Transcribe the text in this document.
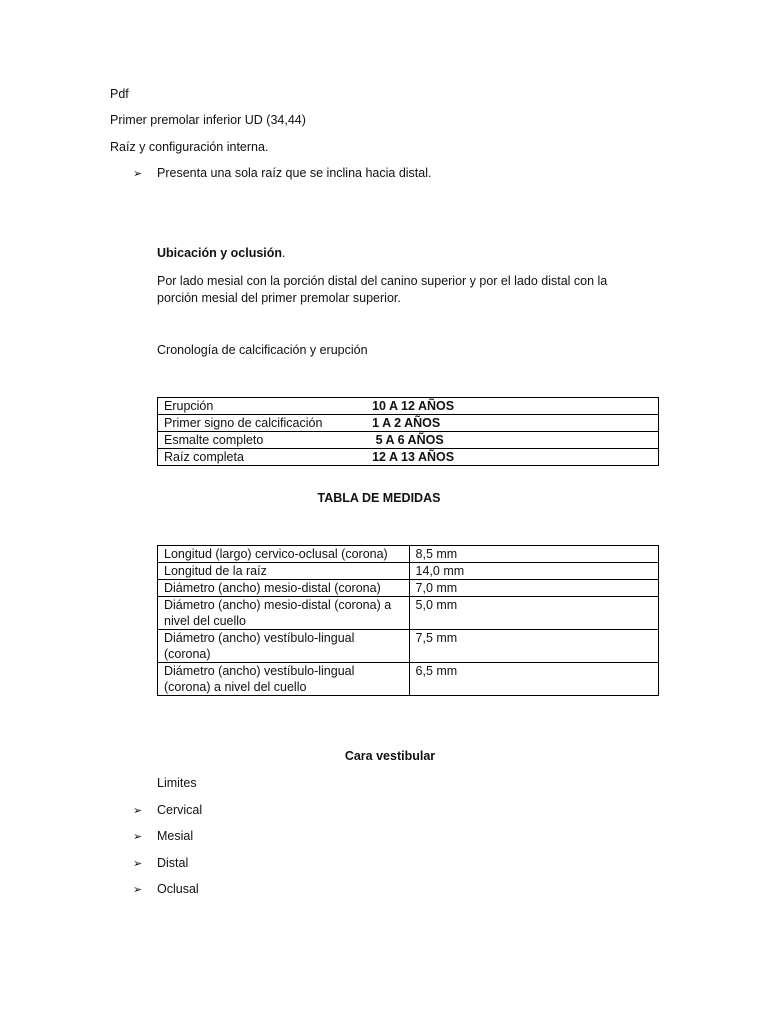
Pdf
Primer premolar inferior UD (34,44)
Raíz y configuración interna.
➢ Presenta una sola raíz que se inclina hacia distal.
Ubicación y oclusión.
Por lado mesial con la porción distal del canino superior y por el lado distal con la porción mesial del primer premolar superior.
Cronología de calcificación y erupción
Erupción	10 A 12 AÑOS
Primer signo de calcificación	1 A 2 AÑOS
Esmalte completo	5 A 6 AÑOS
Raíz completa	12 A 13 AÑOS
TABLA DE MEDIDAS
Longitud (largo) cervico-oclusal (corona)	8,5 mm
Longitud de la raíz	14,0 mm
Diámetro (ancho) mesio-distal (corona)	7,0 mm
Diámetro (ancho) mesio-distal (corona) a nivel del cuello	5,0 mm
Diámetro (ancho) vestíbulo-lingual (corona)	7,5 mm
Diámetro (ancho) vestíbulo-lingual (corona) a nivel del cuello	6,5 mm
Cara vestibular
Limites
➢ Cervical
➢ Mesial
➢ Distal
➢ Oclusal
